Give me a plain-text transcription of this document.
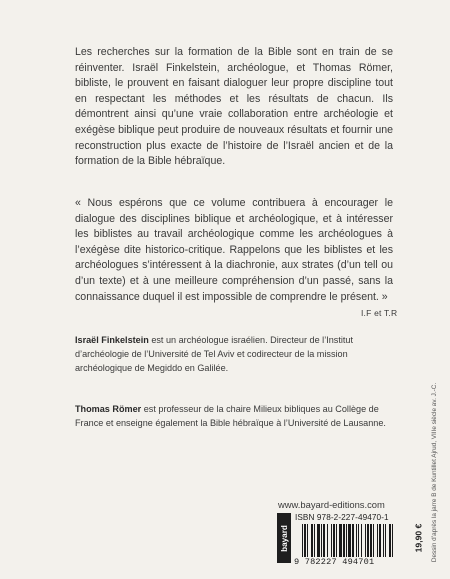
Les recherches sur la formation de la Bible sont en train de se réinventer. Israël Finkelstein, archéologue, et Thomas Römer, bibliste, le prouvent en faisant dialoguer leur propre discipline tout en respectant les méthodes et les résultats de chacun. Ils démontrent ainsi qu’une vraie collaboration entre archéologie et exégèse biblique peut produire de nouveaux résultats et fournir une reconstruction plus exacte de l’histoire de l’Israël ancien et de la formation de la Bible hébraïque.

« Nous espérons que ce volume contribuera à encourager le dialogue des disciplines biblique et archéologique, et à intéresser les biblistes au travail archéologique comme les archéologues à l’exégèse dite historico-critique. Rappelons que les biblistes et les archéologues s’intéressent à la diachronie, aux strates (d’un tell ou d’un texte) et à une meilleure compréhension d’un passé, sans la connaissance duquel il est impossible de comprendre le présent. »

I.F et T.R

Israël Finkelstein est un archéologue israélien. Directeur de l’Institut d’archéologie de l’Université de Tel Aviv et codirecteur de la mission archéologique de Megiddo en Galilée.

Thomas Römer est professeur de la chaire Milieux bibliques au Collège de France et enseigne également la Bible hébraïque à l’Université de Lausanne.

www.bayard-editions.com
bayard
ISBN 978-2-227-49470-1
9 782227 494701
19,90 € Dessin d’après la jarre B de Kuntillet Ajrud, VIIIe siècle av. J.-C.
